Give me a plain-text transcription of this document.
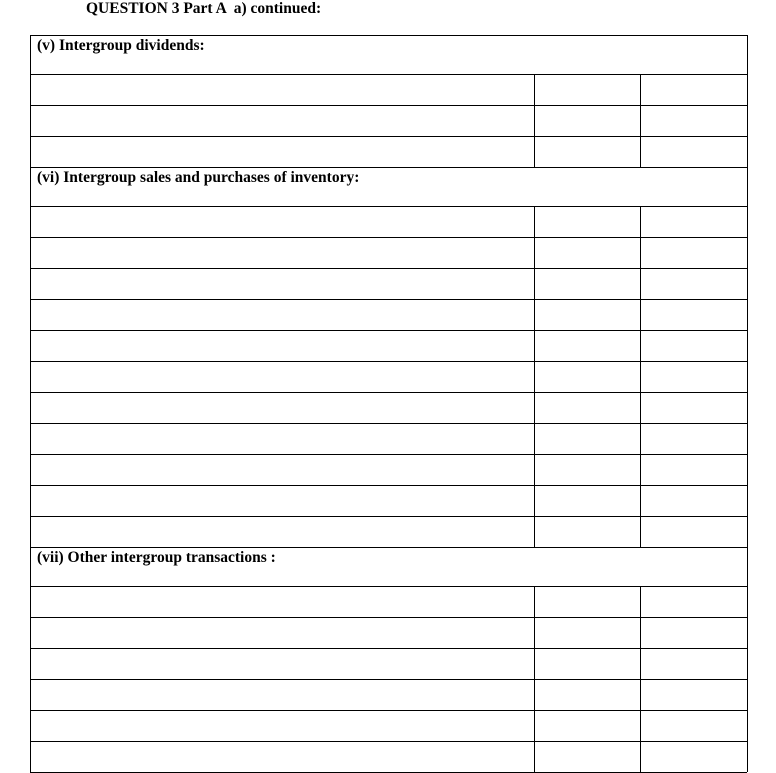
QUESTION 3 Part A  a) continued:
(v) Intergroup dividends:
(vi) Intergroup sales and purchases of inventory:
(vii) Other intergroup transactions :
